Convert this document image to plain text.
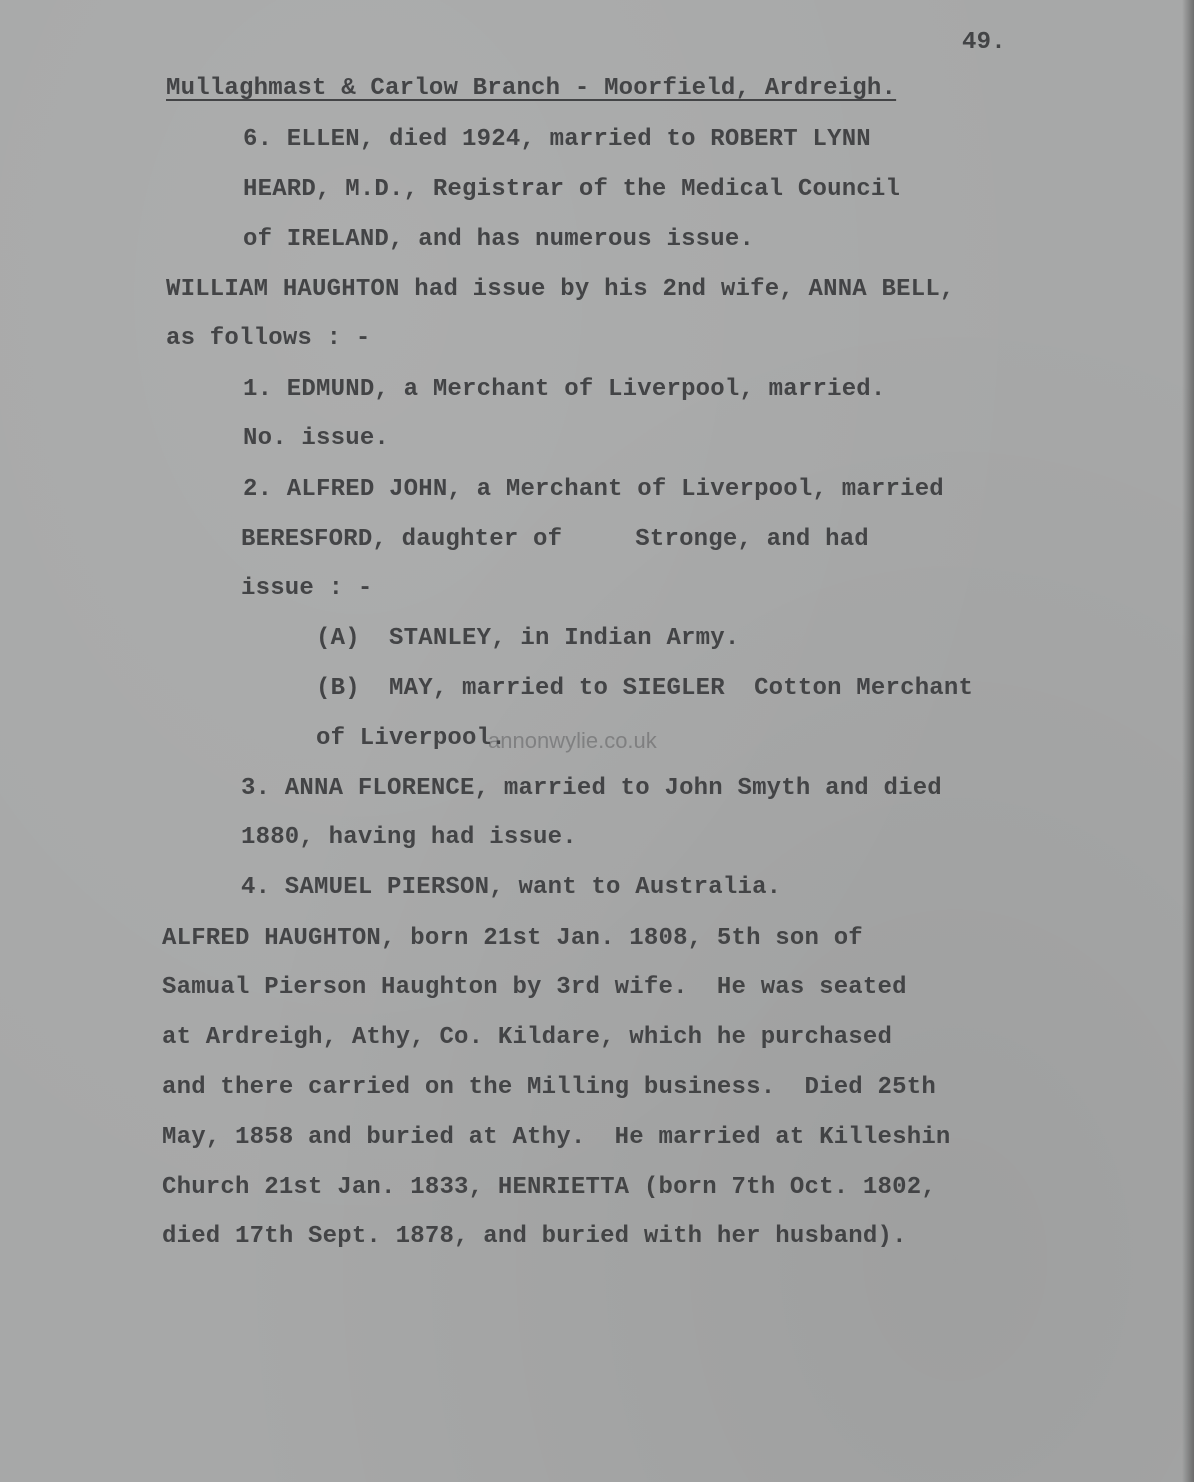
49.
Mullaghmast & Carlow Branch - Moorfield, Ardreigh.
6. ELLEN, died 1924, married to ROBERT LYNN
HEARD, M.D., Registrar of the Medical Council
of IRELAND, and has numerous issue.
WILLIAM HAUGHTON had issue by his 2nd wife, ANNA BELL,
as follows : -
1. EDMUND, a Merchant of Liverpool, married.
No. issue.
2. ALFRED JOHN, a Merchant of Liverpool, married
BERESFORD, daughter of     Stronge, and had
issue : -
(A)  STANLEY, in Indian Army.
(B)  MAY, married to SIEGLER  Cotton Merchant
of Liverpool.
annonwylie.co.uk
3. ANNA FLORENCE, married to John Smyth and died
1880, having had issue.
4. SAMUEL PIERSON, want to Australia.
ALFRED HAUGHTON, born 21st Jan. 1808, 5th son of
Samual Pierson Haughton by 3rd wife.  He was seated
at Ardreigh, Athy, Co. Kildare, which he purchased
and there carried on the Milling business.  Died 25th
May, 1858 and buried at Athy.  He married at Killeshin
Church 21st Jan. 1833, HENRIETTA (born 7th Oct. 1802,
died 17th Sept. 1878, and buried with her husband).
